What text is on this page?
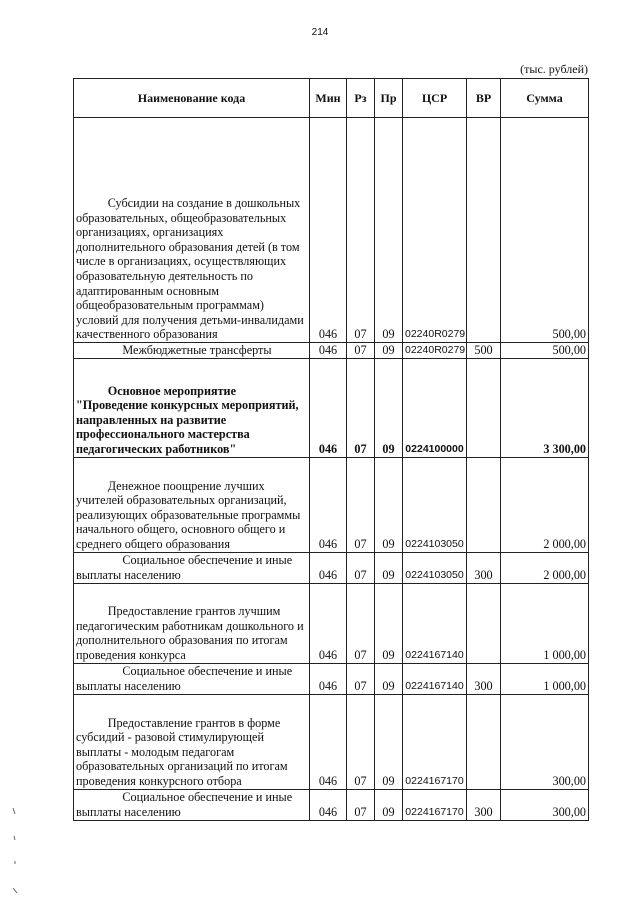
214
(тыс. рублей)
Наименование кода	Мин	Рз	Пр	ЦСР	ВР	Сумма

Субсидии на создание в дошкольных образовательных, общеобразовательных организациях, организациях дополнительного образования детей (в том числе в организациях, осуществляющих образовательную деятельность по адаптированным основным общеобразовательным программам) условий для получения детьми-инвалидами качественного образования	046	07	09	02240R0279		500,00

Межбюджетные трансферты	046	07	09	02240R0279	500	500,00

Основное мероприятие "Проведение конкурсных мероприятий, направленных на развитие профессионального мастерства педагогических работников"	046	07	09	0224100000		3 300,00

Денежное поощрение лучших учителей образовательных организаций, реализующих образовательные программы начального общего, основного общего и среднего общего образования	046	07	09	0224103050		2 000,00

Социальное обеспечение и иные выплаты населению	046	07	09	0224103050	300	2 000,00

Предоставление грантов лучшим педагогическим работникам дошкольного и дополнительного образования по итогам проведения конкурса	046	07	09	0224167140		1 000,00

Социальное обеспечение и иные выплаты населению	046	07	09	0224167140	300	1 000,00

Предоставление грантов в форме субсидий - разовой стимулирующей выплаты - молодым педагогам образовательных организаций по итогам проведения конкурсного отбора	046	07	09	0224167170		300,00

Социальное обеспечение и иные выплаты населению	046	07	09	0224167170	300	300,00
